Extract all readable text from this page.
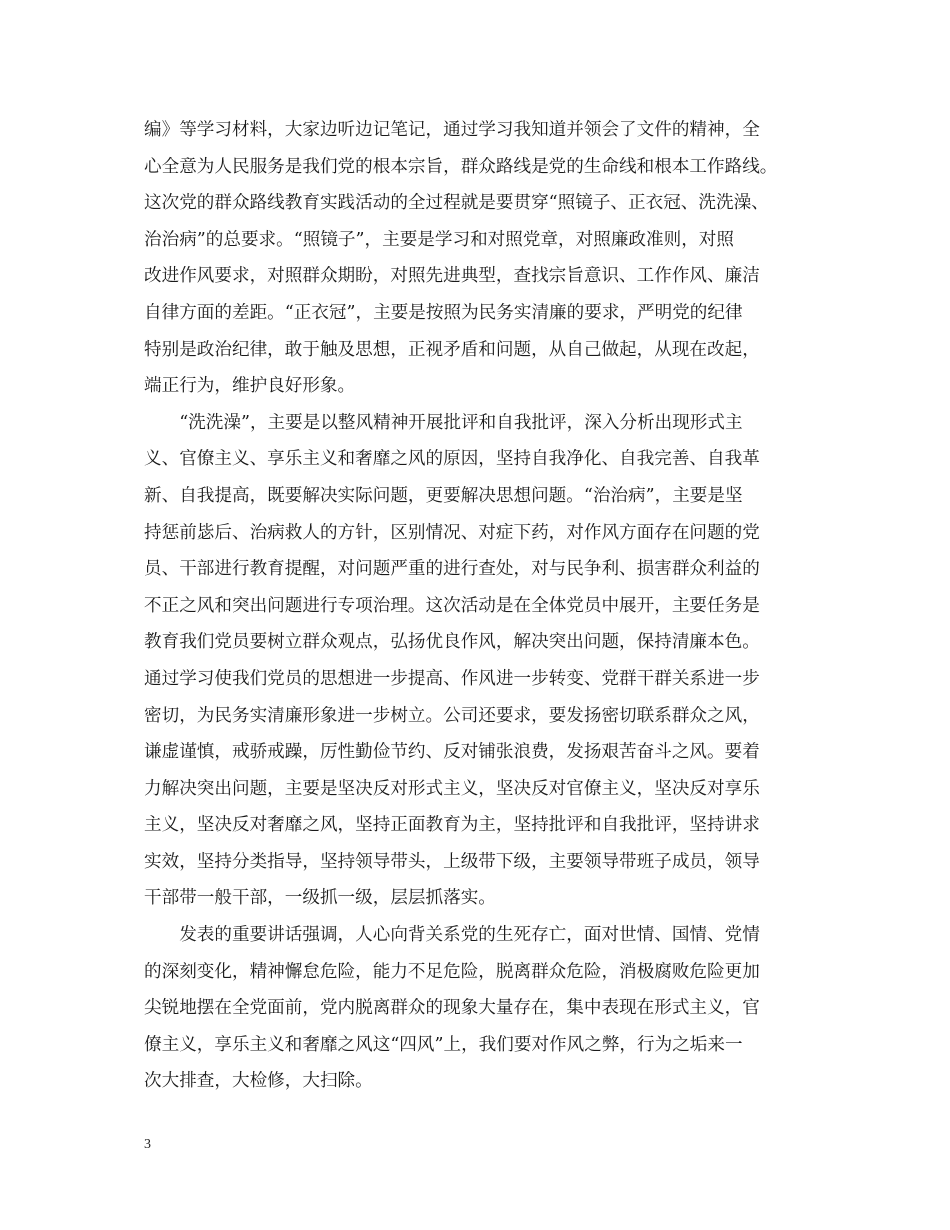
编》等学习材料，大家边听边记笔记，通过学习我知道并领会了文件的精神，全
心全意为人民服务是我们党的根本宗旨，群众路线是党的生命线和根本工作路线。
这次党的群众路线教育实践活动的全过程就是要贯穿“照镜子、正衣冠、洗洗澡、
治治病”的总要求。“照镜子”，主要是学习和对照党章，对照廉政准则，对照
改进作风要求，对照群众期盼，对照先进典型，查找宗旨意识、工作作风、廉洁
自律方面的差距。“正衣冠”，主要是按照为民务实清廉的要求，严明党的纪律
特别是政治纪律，敢于触及思想，正视矛盾和问题，从自己做起，从现在改起，
端正行为，维护良好形象。
　　“洗洗澡”，主要是以整风精神开展批评和自我批评，深入分析出现形式主
义、官僚主义、享乐主义和奢靡之风的原因，坚持自我净化、自我完善、自我革
新、自我提高，既要解决实际问题，更要解决思想问题。“治治病”，主要是坚
持惩前毖后、治病救人的方针，区别情况、对症下药，对作风方面存在问题的党
员、干部进行教育提醒，对问题严重的进行查处，对与民争利、损害群众利益的
不正之风和突出问题进行专项治理。这次活动是在全体党员中展开，主要任务是
教育我们党员要树立群众观点，弘扬优良作风，解决突出问题，保持清廉本色。
通过学习使我们党员的思想进一步提高、作风进一步转变、党群干群关系进一步
密切，为民务实清廉形象进一步树立。公司还要求，要发扬密切联系群众之风，
谦虚谨慎，戒骄戒躁，厉性勤俭节约、反对铺张浪费，发扬艰苦奋斗之风。要着
力解决突出问题，主要是坚决反对形式主义，坚决反对官僚主义，坚决反对享乐
主义，坚决反对奢靡之风，坚持正面教育为主，坚持批评和自我批评，坚持讲求
实效，坚持分类指导，坚持领导带头，上级带下级，主要领导带班子成员，领导
干部带一般干部，一级抓一级，层层抓落实。
　　发表的重要讲话强调，人心向背关系党的生死存亡，面对世情、国情、党情
的深刻变化，精神懈怠危险，能力不足危险，脱离群众危险，消极腐败危险更加
尖锐地摆在全党面前，党内脱离群众的现象大量存在，集中表现在形式主义，官
僚主义，享乐主义和奢靡之风这“四风”上，我们要对作风之弊，行为之垢来一
次大排查，大检修，大扫除。
3
